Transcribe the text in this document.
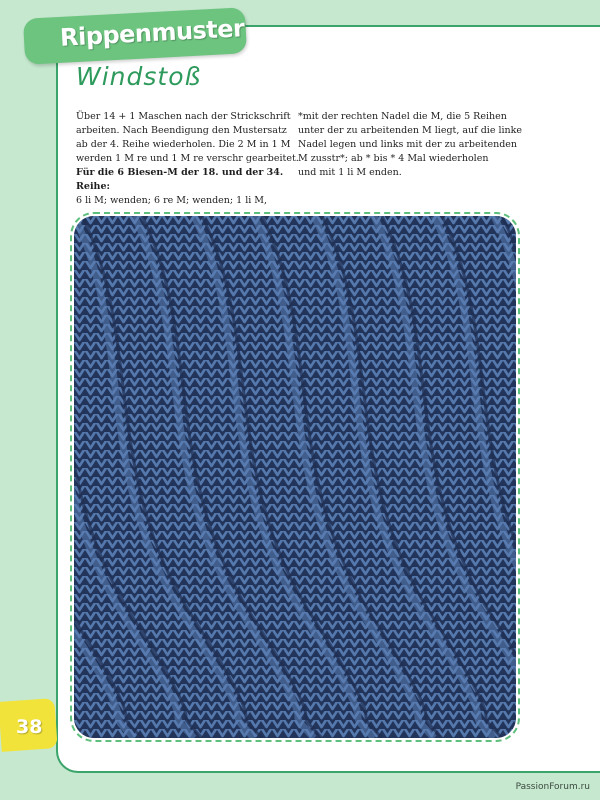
Rippenmuster
Windstoß

Über 14 + 1 Maschen nach der Strickschrift arbeiten. Nach Beendigung den Mustersatz ab der 4. Reihe wiederholen. Die 2 M in 1 M werden 1 M re und 1 M re verschr gearbeitet.

Für die 6 Biesen-M der 18. und der 34. Reihe:

6 li M; wenden; 6 re M; wenden; 1 li M,

*mit der rechten Nadel die M, die 5 Reihen unter der zu arbeitenden M liegt, auf die linke Nadel legen und links mit der zu arbeitenden M zusstr*; ab * bis * 4 Mal wiederholen

und mit 1 li M enden.

38
PassionForum.ru
